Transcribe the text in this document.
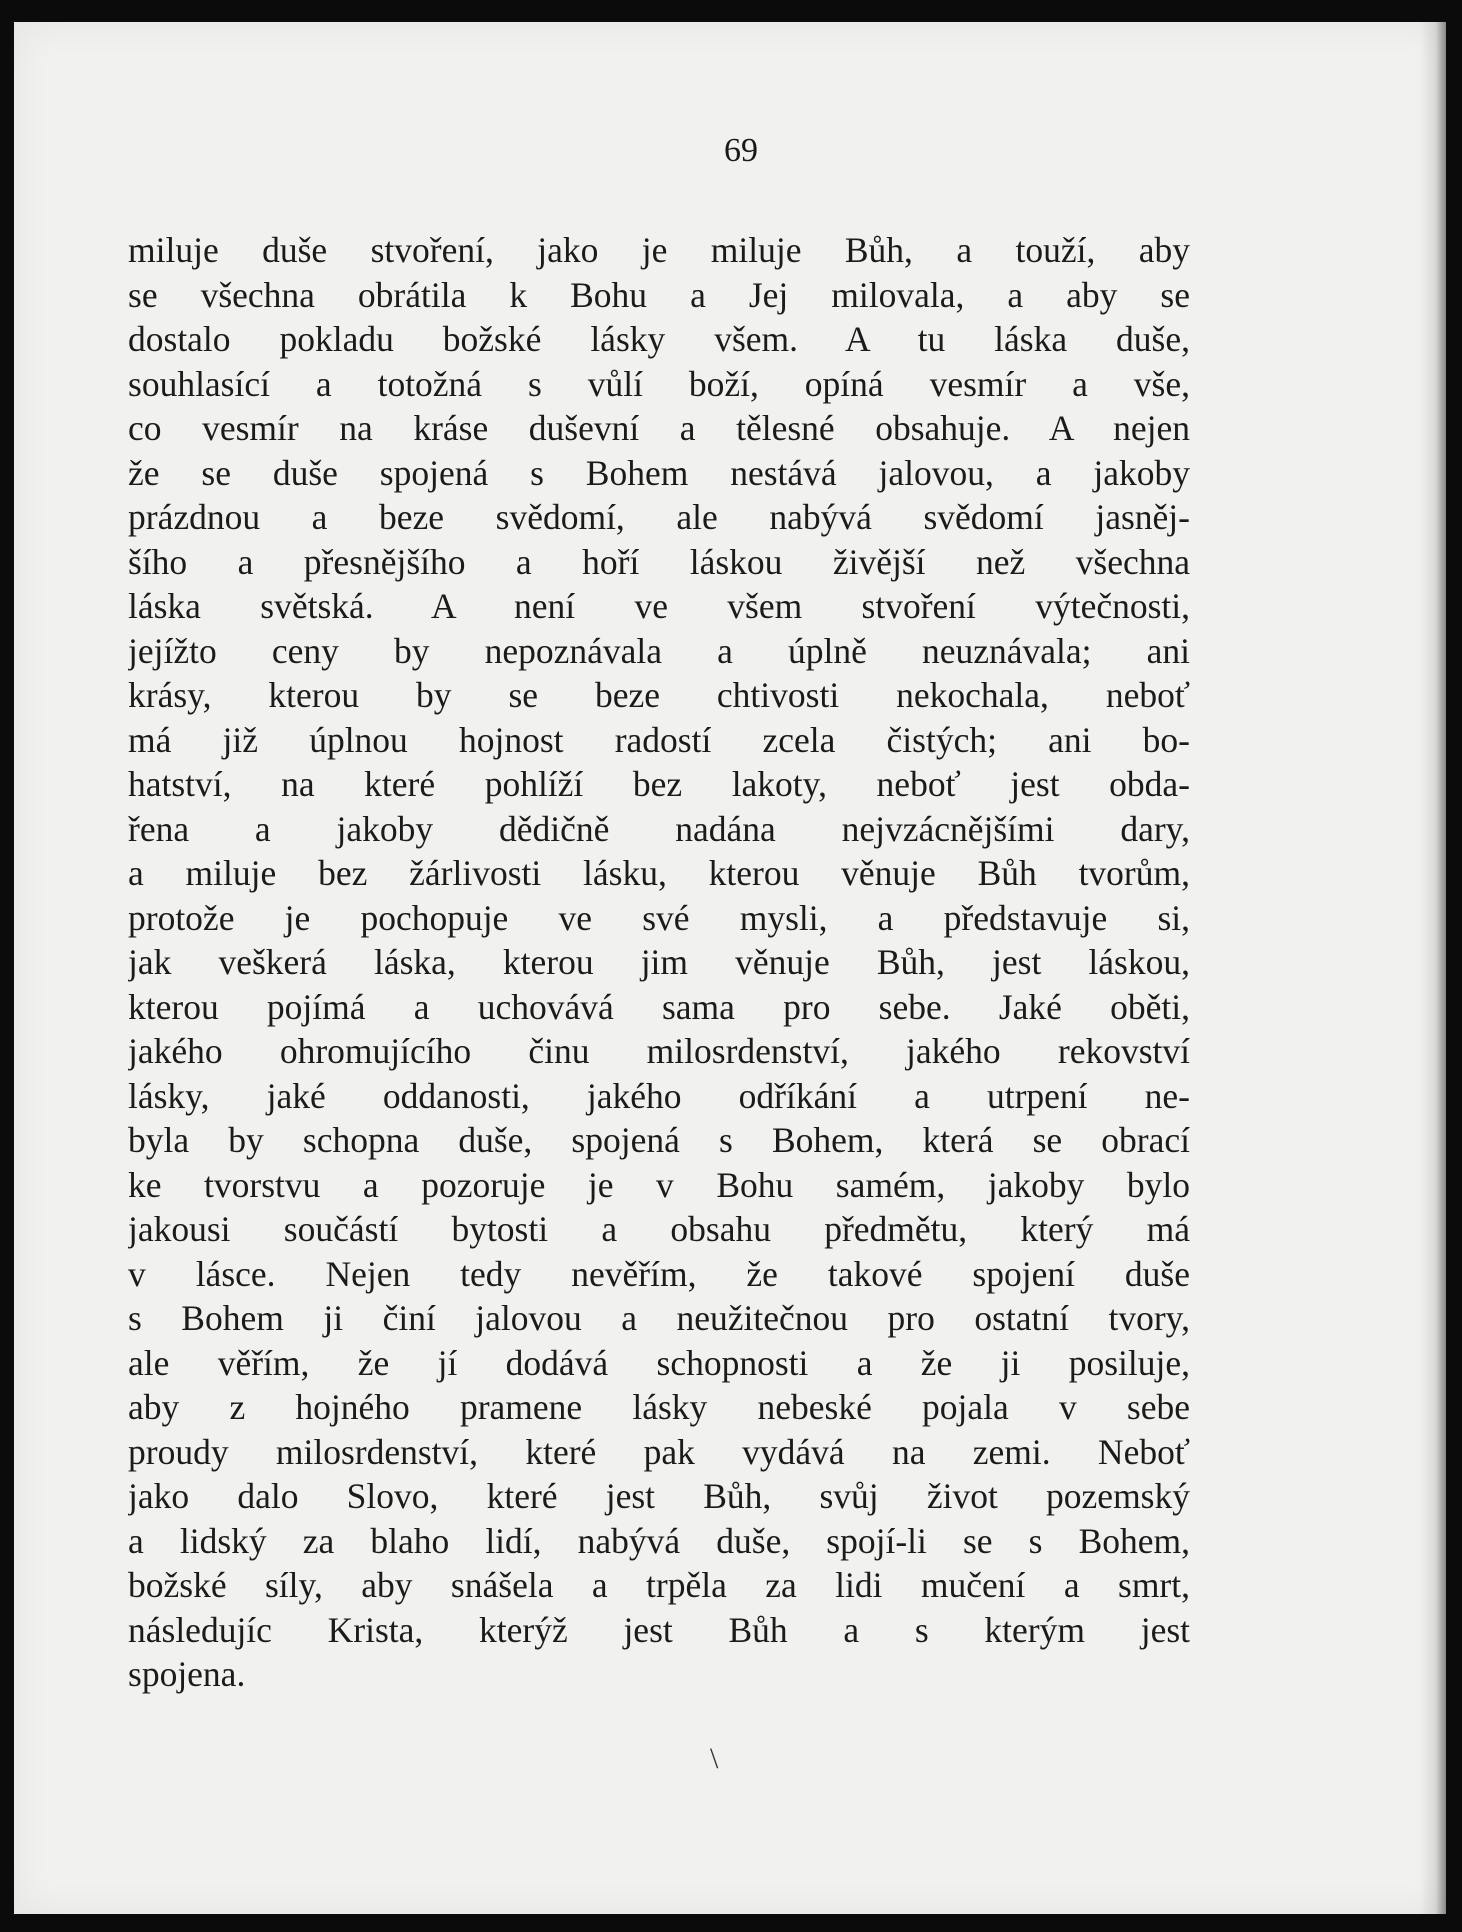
69
miluje duše stvoření, jako je miluje Bůh, a touží, aby
se všechna obrátila k Bohu a Jej milovala, a aby se
dostalo pokladu božské lásky všem. A tu láska duše,
souhlasící a totožná s vůlí boží, opíná vesmír a vše,
co vesmír na kráse duševní a tělesné obsahuje. A nejen
že se duše spojená s Bohem nestává jalovou, a jakoby
prázdnou a beze svědomí, ale nabývá svědomí jasněj-
šího a přesnějšího a hoří láskou živější než všechna
láska světská. A není ve všem stvoření výtečnosti,
jejížto ceny by nepoznávala a úplně neuznávala; ani
krásy, kterou by se beze chtivosti nekochala, neboť
má již úplnou hojnost radostí zcela čistých; ani bo-
hatství, na které pohlíží bez lakoty, neboť jest obda-
řena a jakoby dědičně nadána nejvzácnějšími dary,
a miluje bez žárlivosti lásku, kterou věnuje Bůh tvorům,
protože je pochopuje ve své mysli, a představuje si,
jak veškerá láska, kterou jim věnuje Bůh, jest láskou,
kterou pojímá a uchovává sama pro sebe. Jaké oběti,
jakého ohromujícího činu milosrdenství, jakého rekovství
lásky, jaké oddanosti, jakého odříkání a utrpení ne-
byla by schopna duše, spojená s Bohem, která se obrací
ke tvorstvu a pozoruje je v Bohu samém, jakoby bylo
jakousi součástí bytosti a obsahu předmětu, který má
v lásce. Nejen tedy nevěřím, že takové spojení duše
s Bohem ji činí jalovou a neužitečnou pro ostatní tvory,
ale věřím, že jí dodává schopnosti a že ji posiluje,
aby z hojného pramene lásky nebeské pojala v sebe
proudy milosrdenství, které pak vydává na zemi. Neboť
jako dalo Slovo, které jest Bůh, svůj život pozemský
a lidský za blaho lidí, nabývá duše, spojí-li se s Bohem,
božské síly, aby snášela a trpěla za lidi mučení a smrt,
následujíc Krista, kterýž jest Bůh a s kterým jest
spojena.
\
